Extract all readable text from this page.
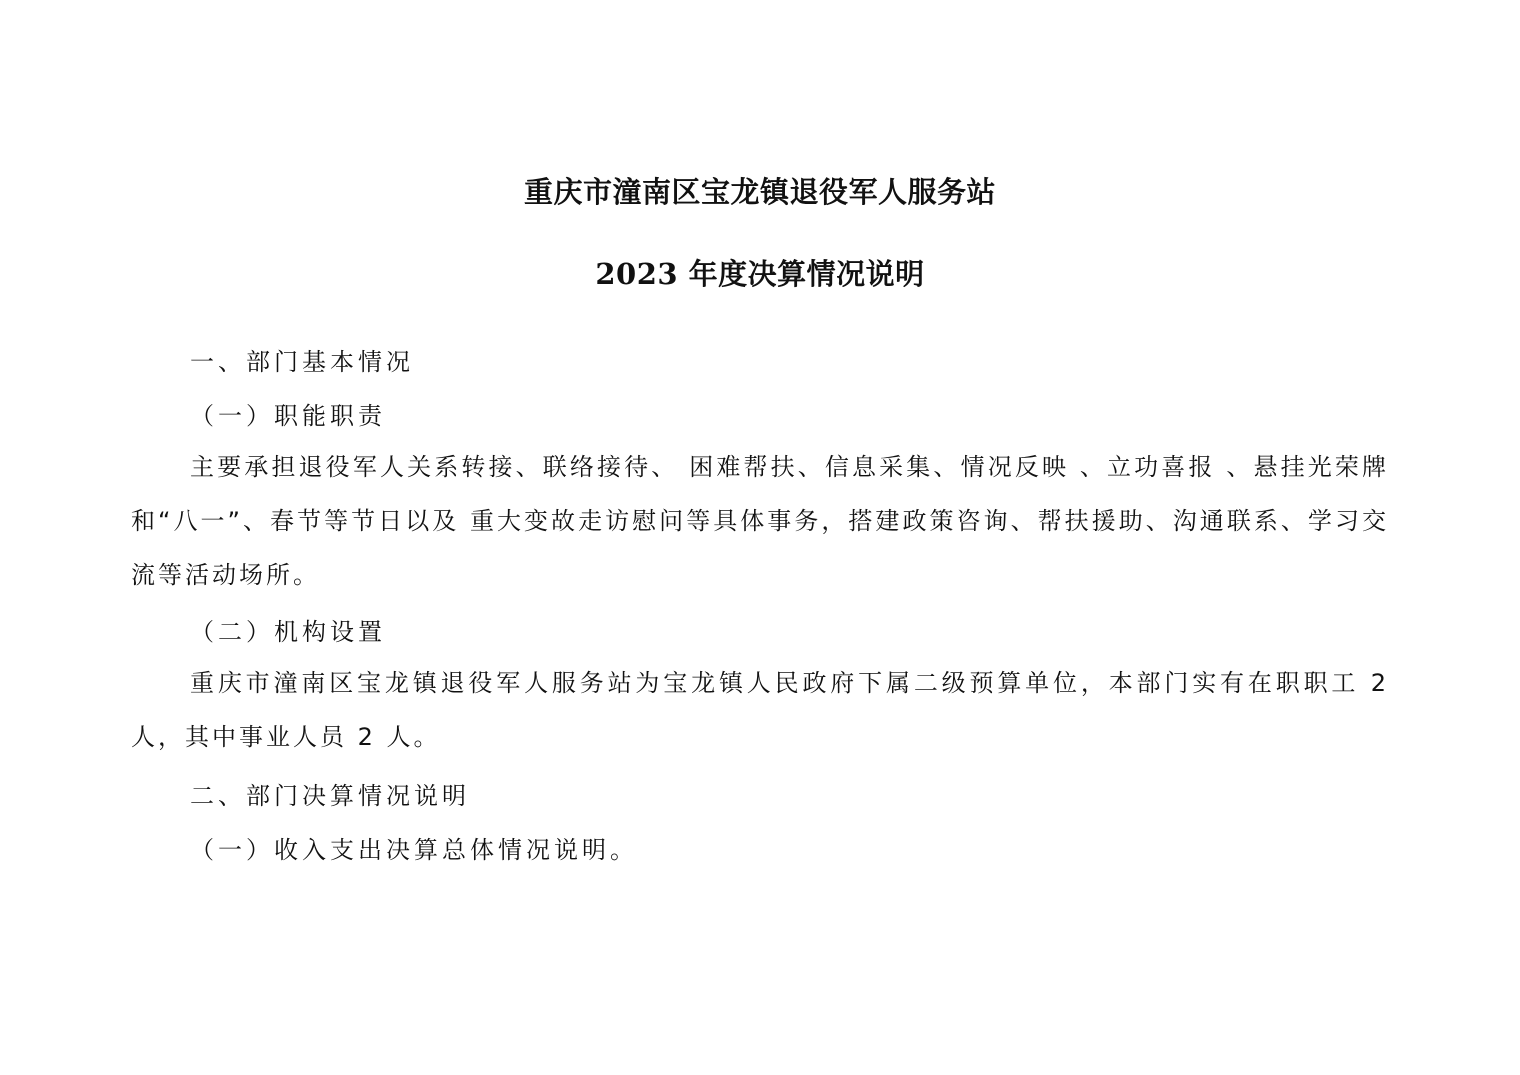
重庆市潼南区宝龙镇退役军人服务站
2023 年度决算情况说明
一、部门基本情况
（一）职能职责
主要承担退役军人关系转接、联络接待、 困难帮扶、信息采集、情况反映 、立功喜报 、悬挂光荣牌和“八一”、春节等节日以及 重大变故走访慰问等具体事务，搭建政策咨询、帮扶援助、沟通联系、学习交流等活动场所。
（二）机构设置
重庆市潼南区宝龙镇退役军人服务站为宝龙镇人民政府下属二级预算单位，本部门实有在职职工 2 人，其中事业人员 2 人。
二、部门决算情况说明
（一）收入支出决算总体情况说明。
